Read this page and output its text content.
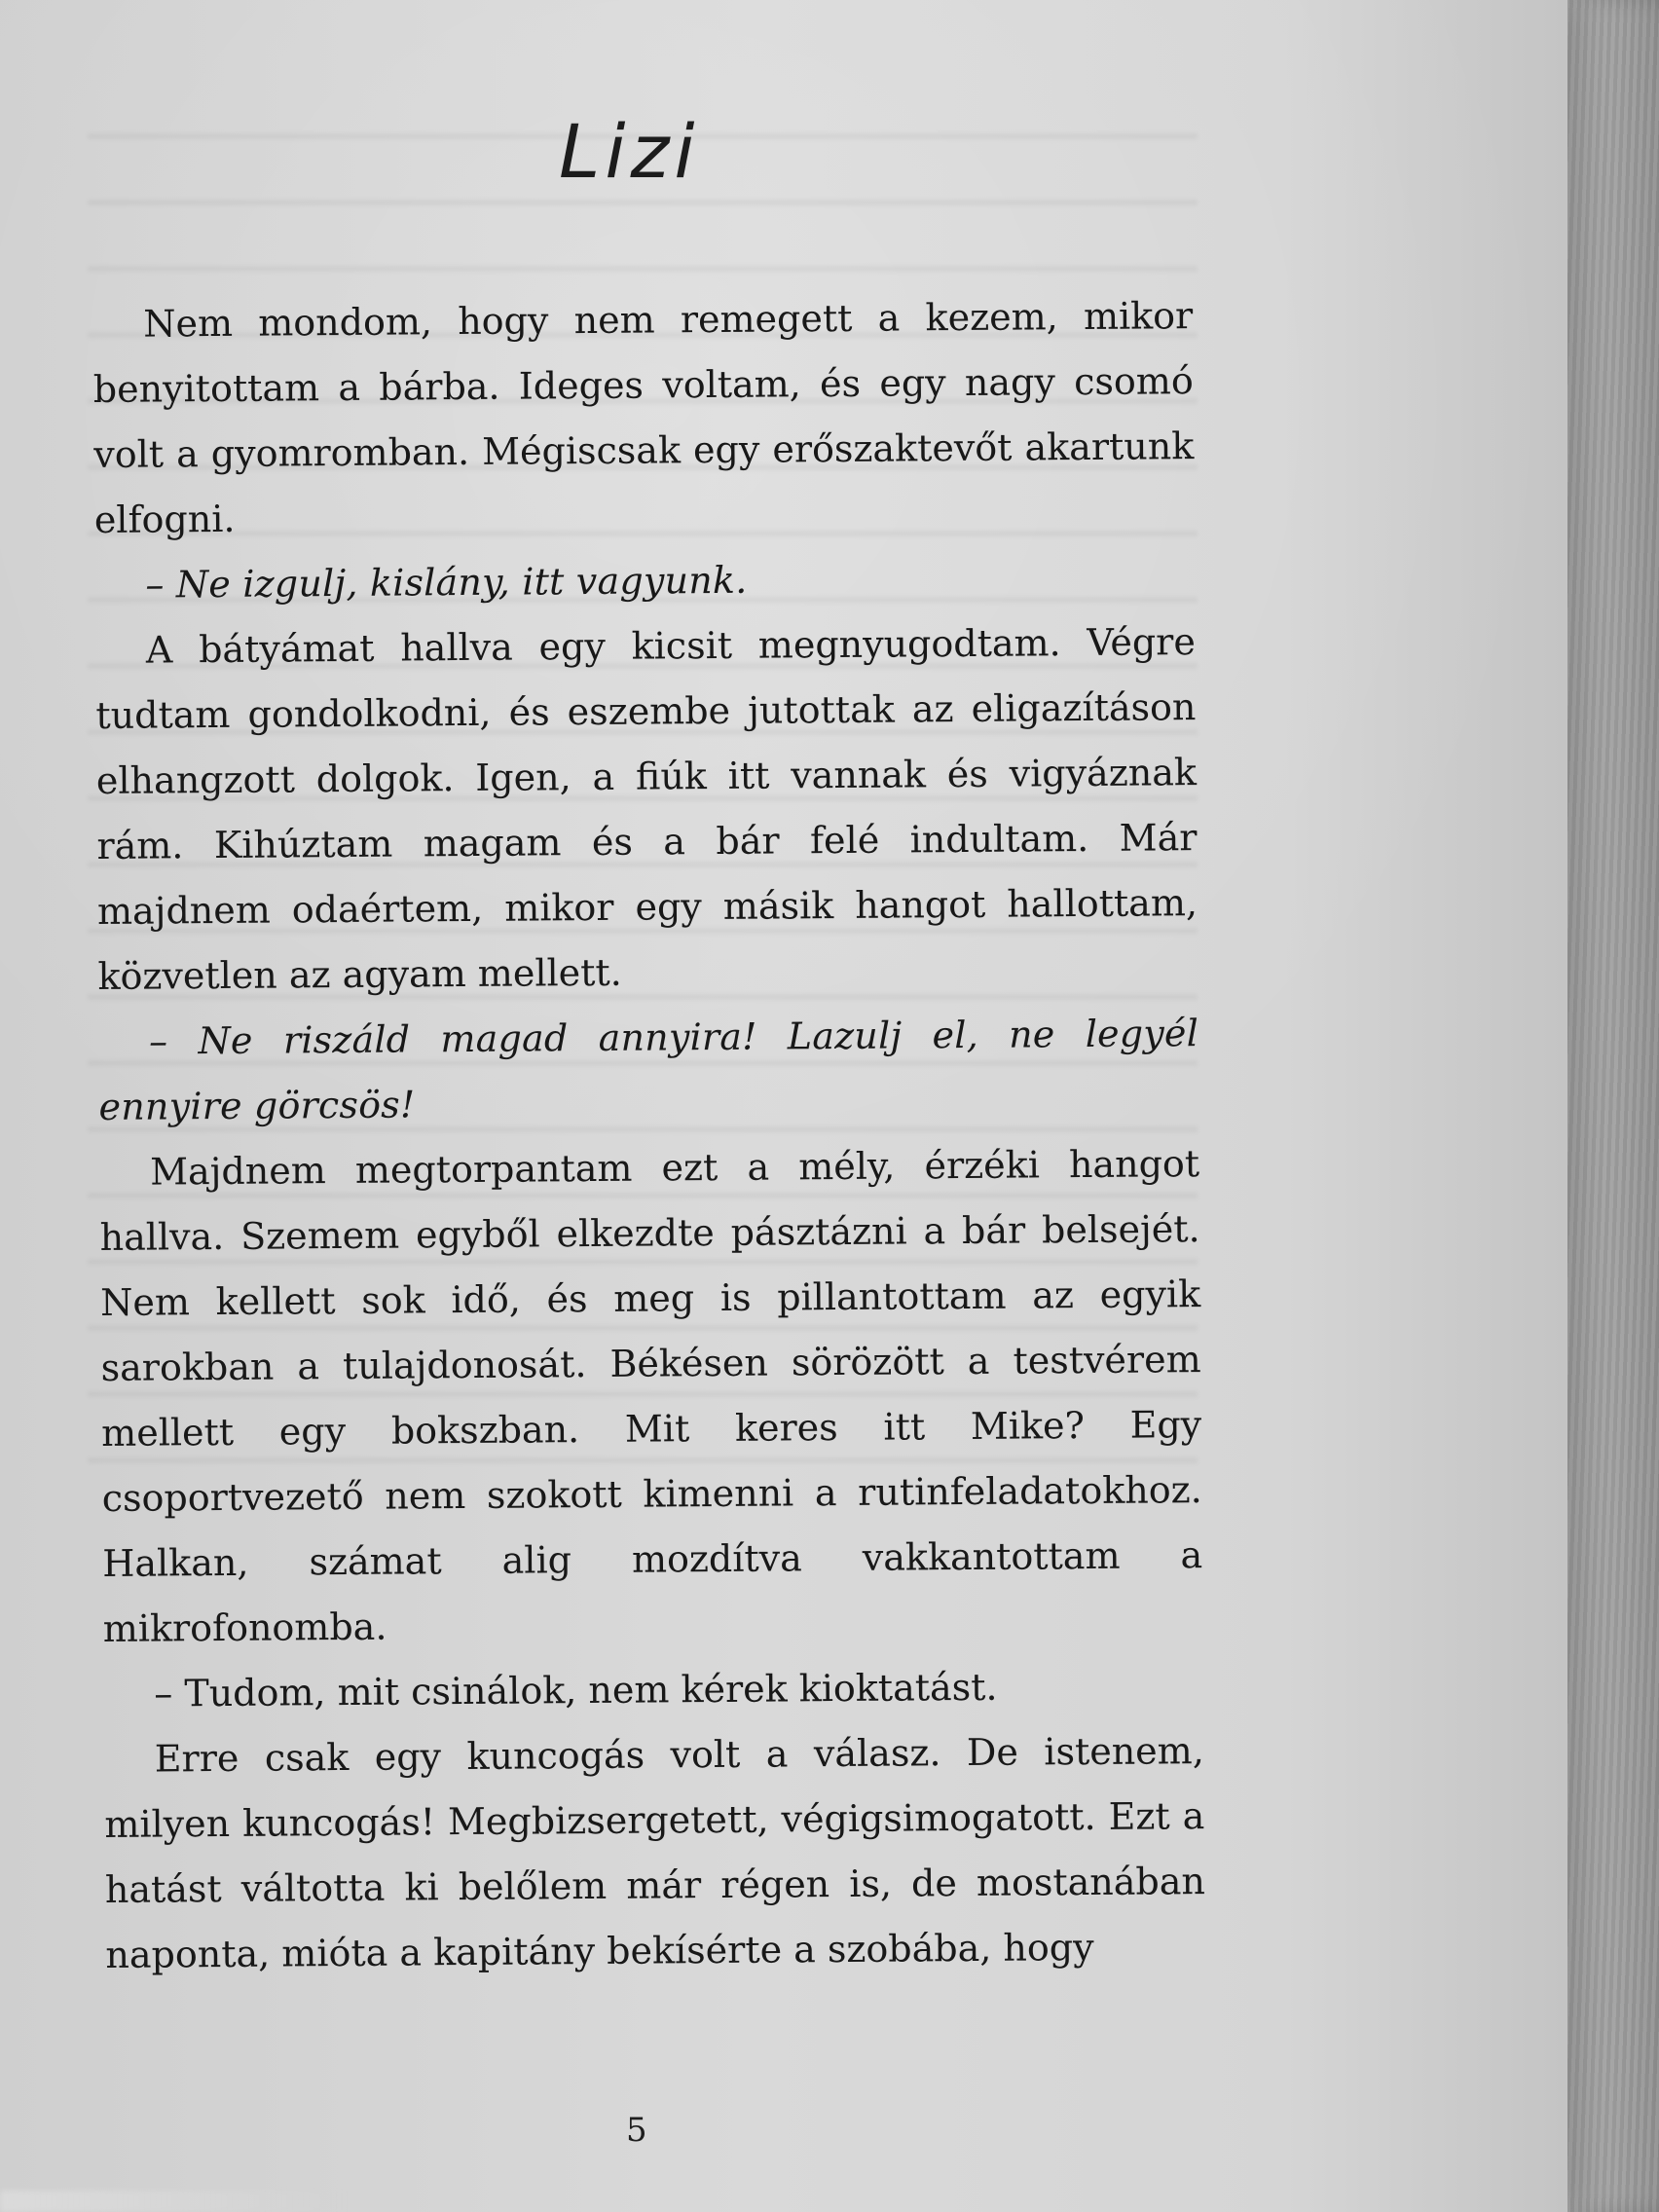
Lizi

Nem mondom, hogy nem remegett a kezem, mikor benyitottam a bárba. Ideges voltam, és egy nagy csomó volt a gyomromban. Mégiscsak egy erőszaktevőt akartunk elfogni.

– Ne izgulj, kislány, itt vagyunk.

A bátyámat hallva egy kicsit megnyugodtam. Végre tudtam gondolkodni, és eszembe jutottak az eligazításon elhangzott dolgok. Igen, a fiúk itt vannak és vigyáznak rám. Kihúztam magam és a bár felé indultam. Már majdnem odaértem, mikor egy másik hangot hallottam, közvetlen az agyam mellett.

– Ne riszáld magad annyira! Lazulj el, ne legyél ennyire görcsös!

Majdnem megtorpantam ezt a mély, érzéki hangot hallva. Szemem egyből elkezdte pásztázni a bár belsejét. Nem kellett sok idő, és meg is pillantottam az egyik sarokban a tulajdonosát. Békésen sörözött a testvérem mellett egy bokszban. Mit keres itt Mike? Egy csoportvezető nem szokott kimenni a rutinfeladatokhoz. Halkan, számat alig mozdítva vakkantottam a mikrofonomba.

– Tudom, mit csinálok, nem kérek kioktatást.

Erre csak egy kuncogás volt a válasz. De istenem, milyen kuncogás! Megbizsergetett, végigsimogatott. Ezt a hatást váltotta ki belőlem már régen is, de mostanában naponta, mióta a kapitány bekísérte a szobába, hogy

5
